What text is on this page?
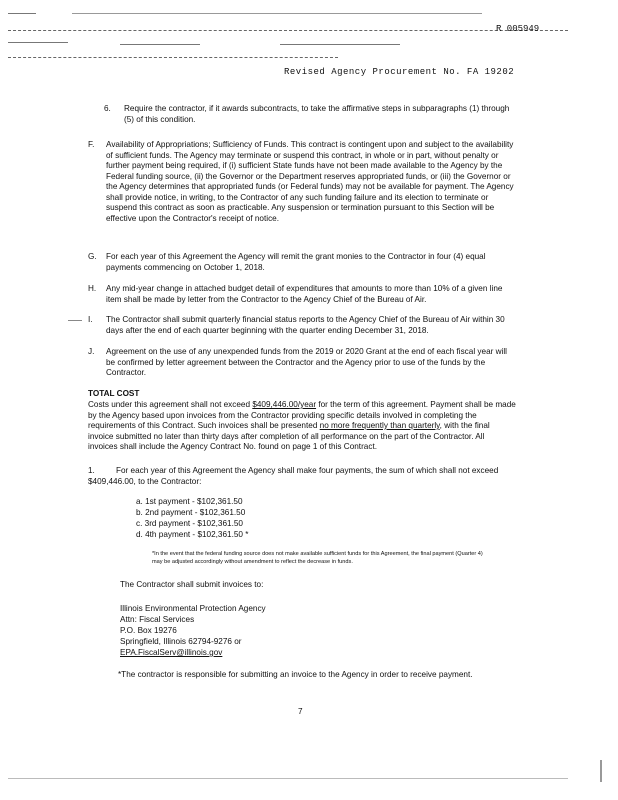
R 005949
Revised Agency Procurement No. FA 19202
6. Require the contractor, if it awards subcontracts, to take the affirmative steps in subparagraphs (1) through (5) of this condition.
F. Availability of Appropriations; Sufficiency of Funds. This contract is contingent upon and subject to the availability of sufficient funds. The Agency may terminate or suspend this contract, in whole or in part, without penalty or further payment being required, if (i) sufficient State funds have not been made available to the Agency by the Federal funding source, (ii) the Governor or the Department reserves appropriated funds, or (iii) the Governor or the Agency determines that appropriated funds (or Federal funds) may not be available for payment. The Agency shall provide notice, in writing, to the Contractor of any such funding failure and its election to terminate or suspend this contract as soon as practicable. Any suspension or termination pursuant to this Section will be effective upon the Contractor's receipt of notice.
G. For each year of this Agreement the Agency will remit the grant monies to the Contractor in four (4) equal payments commencing on October 1, 2018.
H. Any mid-year change in attached budget detail of expenditures that amounts to more than 10% of a given line item shall be made by letter from the Contractor to the Agency Chief of the Bureau of Air.
I. The Contractor shall submit quarterly financial status reports to the Agency Chief of the Bureau of Air within 30 days after the end of each quarter beginning with the quarter ending December 31, 2018.
J. Agreement on the use of any unexpended funds from the 2019 or 2020 Grant at the end of each fiscal year will be confirmed by letter agreement between the Contractor and the Agency prior to use of the funds by the Contractor.
TOTAL COST
Costs under this agreement shall not exceed $409,446.00/year for the term of this agreement. Payment shall be made by the Agency based upon invoices from the Contractor providing specific details involved in completing the requirements of this Contract. Such invoices shall be presented no more frequently than quarterly, with the final invoice submitted no later than thirty days after completion of all performance on the part of the Contractor. All invoices shall include the Agency Contract No. found on page 1 of this Contract.
1.	For each year of this Agreement the Agency shall make four payments, the sum of which shall not exceed $409,446.00, to the Contractor:
a. 1st payment - $102,361.50
b. 2nd payment - $102,361.50
c. 3rd payment - $102,361.50
d. 4th payment - $102,361.50 *
*In the event that the federal funding source does not make available sufficient funds for this Agreement, the final payment (Quarter 4) may be adjusted accordingly without amendment to reflect the decrease in funds.
The Contractor shall submit invoices to:
Illinois Environmental Protection Agency
Attn: Fiscal Services
P.O. Box 19276
Springfield, Illinois 62794-9276 or
EPA.FiscalServ@illinois.gov
*The contractor is responsible for submitting an invoice to the Agency in order to receive payment.
7
